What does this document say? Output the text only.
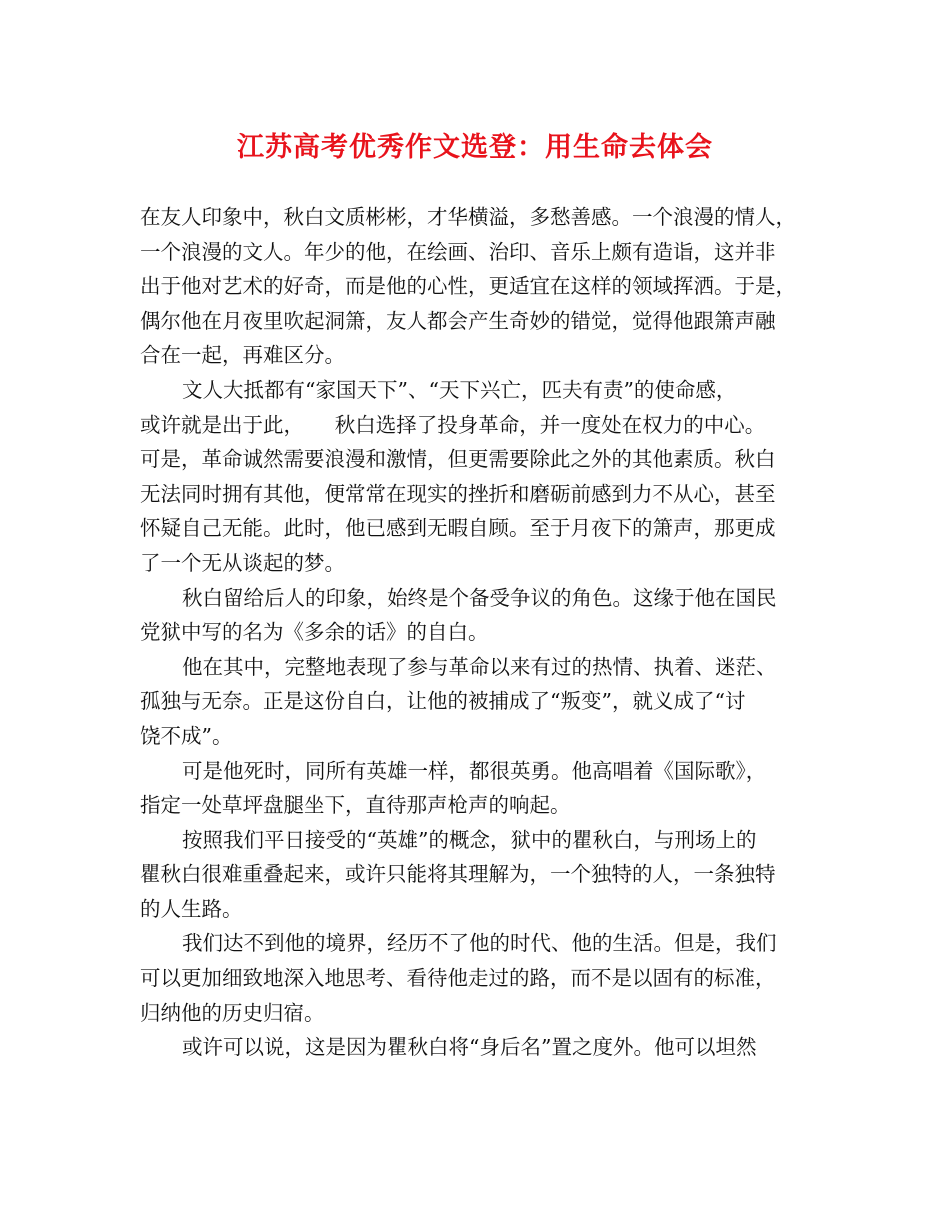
江苏高考优秀作文选登：用生命去体会

在友人印象中，秋白文质彬彬，才华横溢，多愁善感。一个浪漫的情人，

一个浪漫的文人。年少的他，在绘画、治印、音乐上颇有造诣，这并非

出于他对艺术的好奇，而是他的心性，更适宜在这样的领域挥洒。于是，

偶尔他在月夜里吹起洞箫，友人都会产生奇妙的错觉，觉得他跟箫声融

合在一起，再难区分。

文人大抵都有“家国天下”、“天下兴亡，匹夫有责”的使命感，

或许就是出于此，　　秋白选择了投身革命，并一度处在权力的中心。

可是，革命诚然需要浪漫和激情，但更需要除此之外的其他素质。秋白

无法同时拥有其他，便常常在现实的挫折和磨砺前感到力不从心，甚至

怀疑自己无能。此时，他已感到无暇自顾。至于月夜下的箫声，那更成

了一个无从谈起的梦。

秋白留给后人的印象，始终是个备受争议的角色。这缘于他在国民

党狱中写的名为《多余的话》的自白。

他在其中，完整地表现了参与革命以来有过的热情、执着、迷茫、

孤独与无奈。正是这份自白，让他的被捕成了“叛变”，就义成了“讨

饶不成”。

可是他死时，同所有英雄一样，都很英勇。他高唱着《国际歌》，

指定一处草坪盘腿坐下，直待那声枪声的响起。

按照我们平日接受的“英雄”的概念，狱中的瞿秋白，与刑场上的

瞿秋白很难重叠起来，或许只能将其理解为，一个独特的人，一条独特

的人生路。

我们达不到他的境界，经历不了他的时代、他的生活。但是，我们

可以更加细致地深入地思考、看待他走过的路，而不是以固有的标准，

归纳他的历史归宿。

或许可以说，这是因为瞿秋白将“身后名”置之度外。他可以坦然
